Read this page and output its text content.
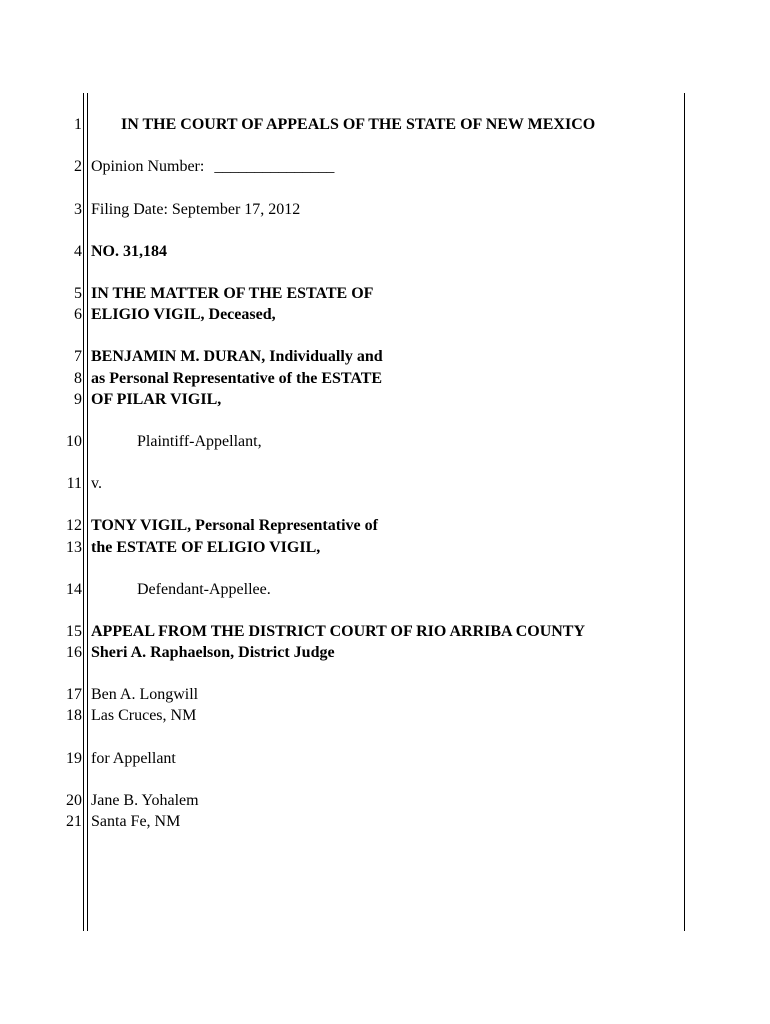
1
2
3
4
5
6
7
8
9
10
11
12
13
14
15
16
17
18
19
20
21
IN THE COURT OF APPEALS OF THE STATE OF NEW MEXICO
Opinion Number: _______________
Filing Date: September 17, 2012
NO. 31,184
IN THE MATTER OF THE ESTATE OF
ELIGIO VIGIL, Deceased,
BENJAMIN M. DURAN, Individually and
as Personal Representative of the ESTATE
OF PILAR VIGIL,
Plaintiff-Appellant,
v.
TONY VIGIL, Personal Representative of
the ESTATE OF ELIGIO VIGIL,
Defendant-Appellee.
APPEAL FROM THE DISTRICT COURT OF RIO ARRIBA COUNTY
Sheri A. Raphaelson, District Judge
Ben A. Longwill
Las Cruces, NM
for Appellant
Jane B. Yohalem
Santa Fe, NM
